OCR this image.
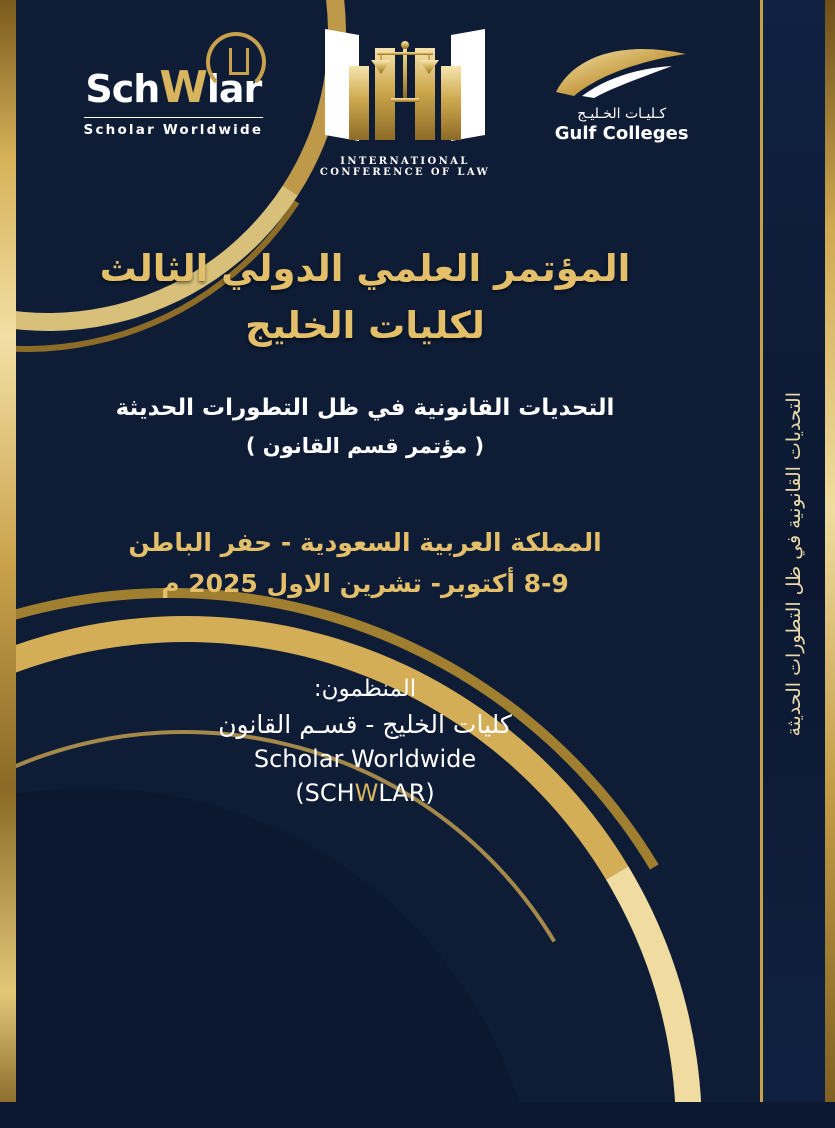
التحديات القانونية في ظل التطورات الحديثة
SchWlar
Scholar Worldwide
INTERNATIONAL CONFERENCE OF LAW
كـليـات الخـليـج
Gulf Colleges
المؤتمر العلمي الدولي الثالث
لكليات الخليج
التحديات القانونية في ظل التطورات الحديثة
( مؤتمر قسم القانون )
المملكة العربية السعودية - حفر الباطن
8-9 أكتوبر- تشرين الاول 2025 م
المنظمون:
كليات الخليج - قسـم القانون
Scholar Worldwide
(SCHWLAR)
